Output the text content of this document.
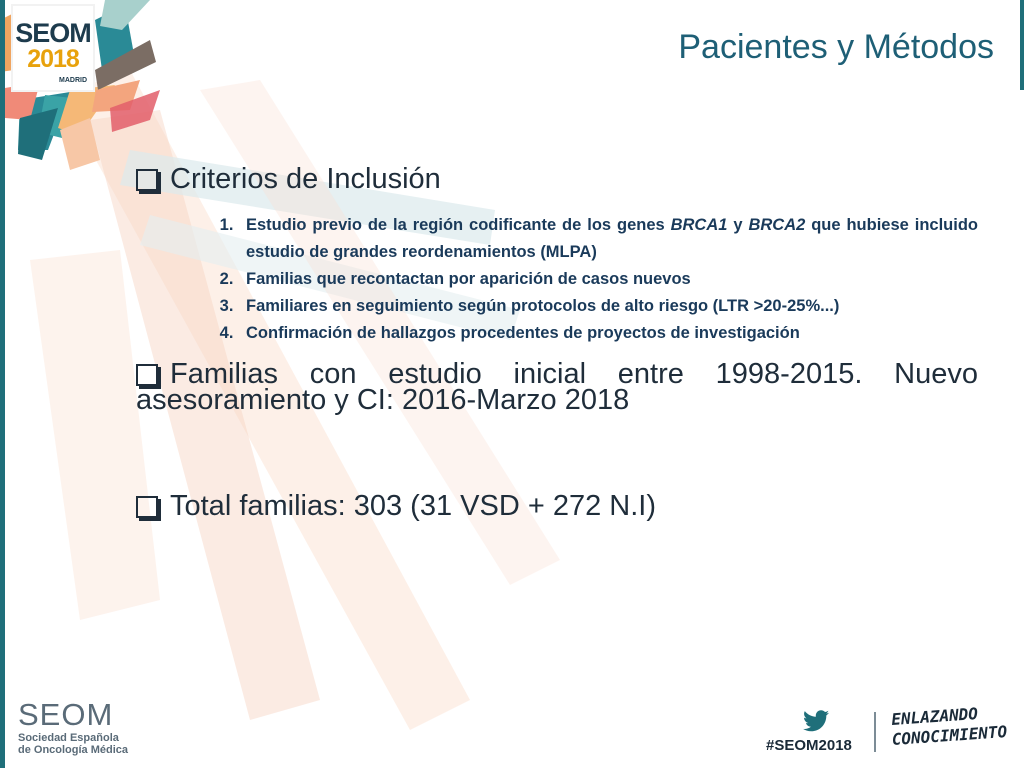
SEOM
2018
MADRID
Pacientes y Métodos
Criterios de Inclusión
1. Estudio previo de la región codificante de los genes BRCA1 y BRCA2 que hubiese incluido estudio de grandes reordenamientos (MLPA)
2. Familias que recontactan por aparición de casos nuevos
3. Familiares en seguimiento según protocolos de alto riesgo (LTR >20-25%...)
4. Confirmación de hallazgos procedentes de proyectos de investigación
Familias con estudio inicial entre 1998-2015. Nuevo
asesoramiento y CI: 2016-Marzo 2018
Total familias: 303 (31 VSD + 272 N.I)
SEOM
Sociedad Española
de Oncología Médica	#SEOM2018
ENLAZANDO
CONOCIMIENTO
